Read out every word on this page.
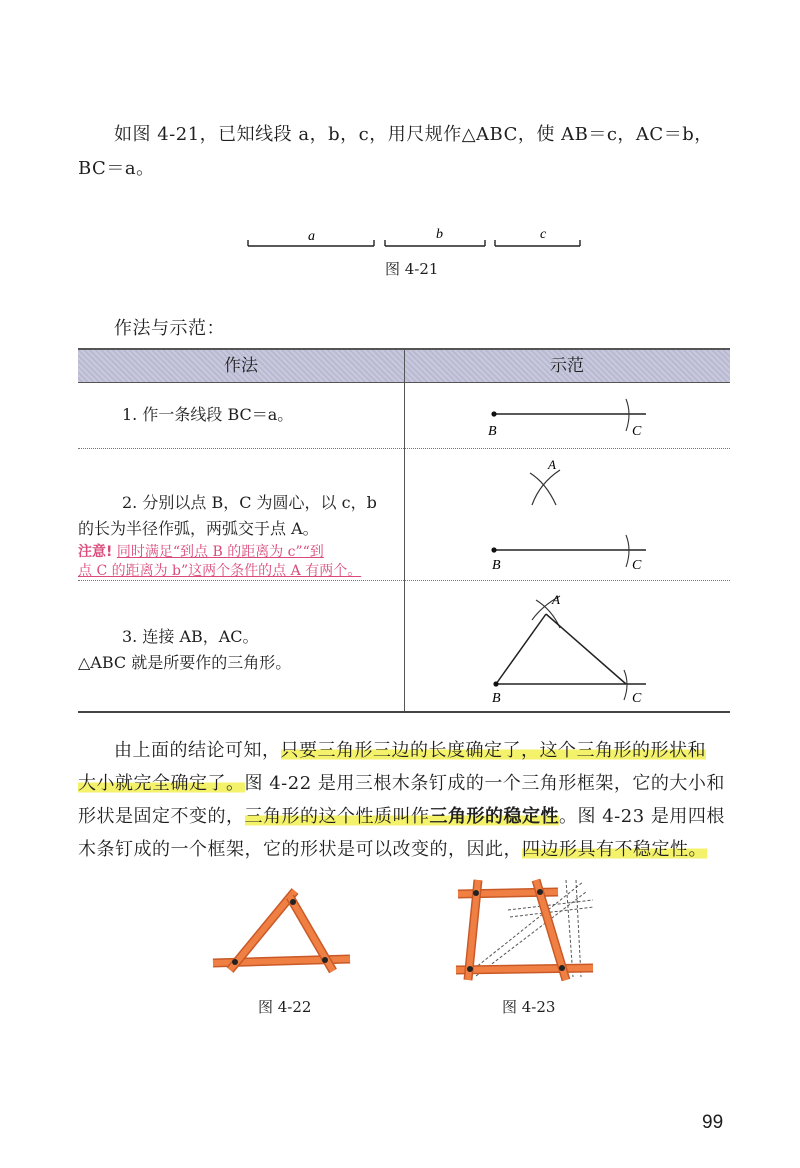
如图 4-21，已知线段 a，b，c，用尺规作△ABC，使 AB＝c，AC＝b，
BC＝a。
a	b	c
图 4-21
作法与示范：
作法	示范
1. 作一条线段 BC＝a。
B	C
2. 分别以点 B，C 为圆心，以 c，b
的长为半径作弧，两弧交于点 A。
注意! 同时满足“到点 B 的距离为 c”“到
点 C 的距离为 b”这两个条件的点 A 有两个。
A
B	C
3. 连接 AB，AC。
△ABC 就是所要作的三角形。
A
B	C
由上面的结论可知，只要三角形三边的长度确定了，这个三角形的形状和
大小就完全确定了。图 4-22 是用三根木条钉成的一个三角形框架，它的大小和
形状是固定不变的，三角形的这个性质叫作三角形的稳定性。图 4-23 是用四根
木条钉成的一个框架，它的形状是可以改变的，因此，四边形具有不稳定性。
图 4-22	图 4-23
99
